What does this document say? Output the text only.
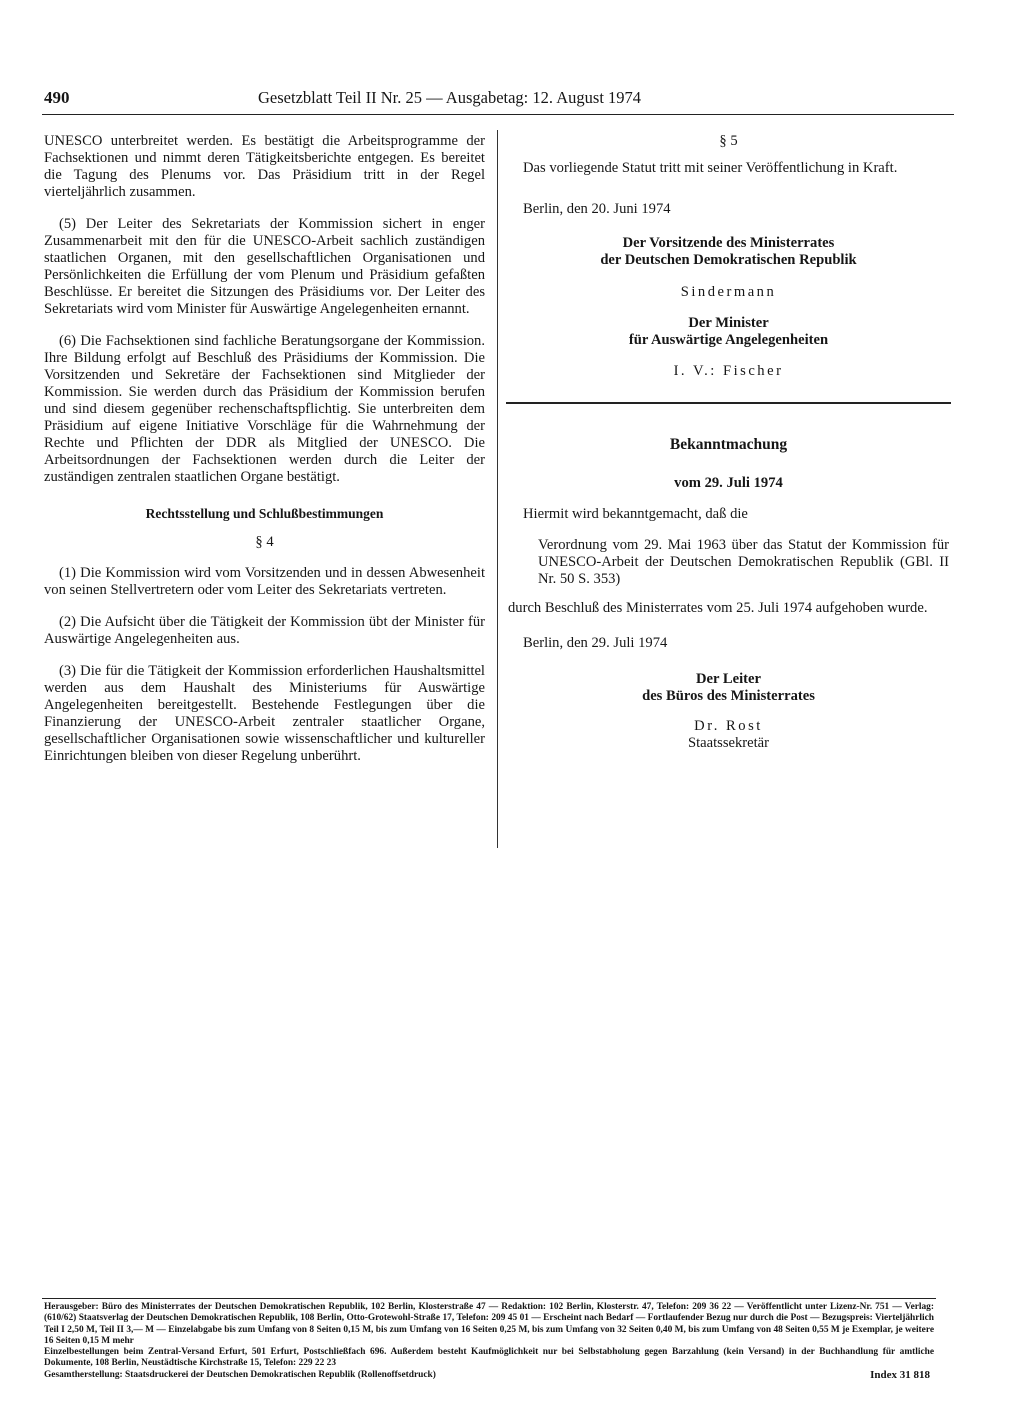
490	Gesetzblatt Teil II Nr. 25 — Ausgabetag: 12. August 1974

UNESCO unterbreitet werden. Es bestätigt die Arbeitsprogramme der Fachsektionen und nimmt deren Tätigkeitsberichte entgegen. Es bereitet die Tagung des Plenums vor. Das Präsidium tritt in der Regel vierteljährlich zusammen.

(5) Der Leiter des Sekretariats der Kommission sichert in enger Zusammenarbeit mit den für die UNESCO-Arbeit sachlich zuständigen staatlichen Organen, mit den gesellschaftlichen Organisationen und Persönlichkeiten die Erfüllung der vom Plenum und Präsidium gefaßten Beschlüsse. Er bereitet die Sitzungen des Präsidiums vor. Der Leiter des Sekretariats wird vom Minister für Auswärtige Angelegenheiten ernannt.

(6) Die Fachsektionen sind fachliche Beratungsorgane der Kommission. Ihre Bildung erfolgt auf Beschluß des Präsidiums der Kommission. Die Vorsitzenden und Sekretäre der Fachsektionen sind Mitglieder der Kommission. Sie werden durch das Präsidium der Kommission berufen und sind diesem gegenüber rechenschaftspflichtig. Sie unterbreiten dem Präsidium auf eigene Initiative Vorschläge für die Wahrnehmung der Rechte und Pflichten der DDR als Mitglied der UNESCO. Die Arbeitsordnungen der Fachsektionen werden durch die Leiter der zuständigen zentralen staatlichen Organe bestätigt.

Rechtsstellung und Schlußbestimmungen

§ 4

(1) Die Kommission wird vom Vorsitzenden und in dessen Abwesenheit von seinen Stellvertretern oder vom Leiter des Sekretariats vertreten.

(2) Die Aufsicht über die Tätigkeit der Kommission übt der Minister für Auswärtige Angelegenheiten aus.

(3) Die für die Tätigkeit der Kommission erforderlichen Haushaltsmittel werden aus dem Haushalt des Ministeriums für Auswärtige Angelegenheiten bereitgestellt. Bestehende Festlegungen über die Finanzierung der UNESCO-Arbeit zentraler staatlicher Organe, gesellschaftlicher Organisationen sowie wissenschaftlicher und kultureller Einrichtungen bleiben von dieser Regelung unberührt.

§ 5

Das vorliegende Statut tritt mit seiner Veröffentlichung in Kraft.

Berlin, den 20. Juni 1974

Der Vorsitzende des Ministerrates

der Deutschen Demokratischen Republik

Sindermann

Der Minister

für Auswärtige Angelegenheiten

I. V.: Fischer

Bekanntmachung

vom 29. Juli 1974

Hiermit wird bekanntgemacht, daß die

Verordnung vom 29. Mai 1963 über das Statut der Kommission für UNESCO-Arbeit der Deutschen Demokratischen Republik (GBl. II Nr. 50 S. 353)

durch Beschluß des Ministerrates vom 25. Juli 1974 aufgehoben wurde.

Berlin, den 29. Juli 1974

Der Leiter

des Büros des Ministerrates

Dr. Rost

Staatssekretär

Herausgeber: Büro des Ministerrates der Deutschen Demokratischen Republik, 102 Berlin, Klosterstraße 47 — Redaktion: 102 Berlin, Klosterstr. 47, Telefon: 209 36 22 — Veröffentlicht unter Lizenz-Nr. 751 — Verlag: (610/62) Staatsverlag der Deutschen Demokratischen Republik, 108 Berlin, Otto-Grotewohl-Straße 17, Telefon: 209 45 01 — Erscheint nach Bedarf — Fortlaufender Bezug nur durch die Post — Bezugspreis: Vierteljährlich Teil I 2,50 M, Teil II 3,— M — Einzelabgabe bis zum Umfang von 8 Seiten 0,15 M, bis zum Umfang von 16 Seiten 0,25 M, bis zum Umfang von 32 Seiten 0,40 M, bis zum Umfang von 48 Seiten 0,55 M je Exemplar, je weitere 16 Seiten 0,15 M mehr

Einzelbestellungen beim Zentral-Versand Erfurt, 501 Erfurt, Postschließfach 696. Außerdem besteht Kaufmöglichkeit nur bei Selbstabholung gegen Barzahlung (kein Versand) in der Buchhandlung für amtliche Dokumente, 108 Berlin, Neustädtische Kirchstraße 15, Telefon: 229 22 23

Gesamtherstellung: Staatsdruckerei der Deutschen Demokratischen Republik (Rollenoffsetdruck)	Index 31 818
